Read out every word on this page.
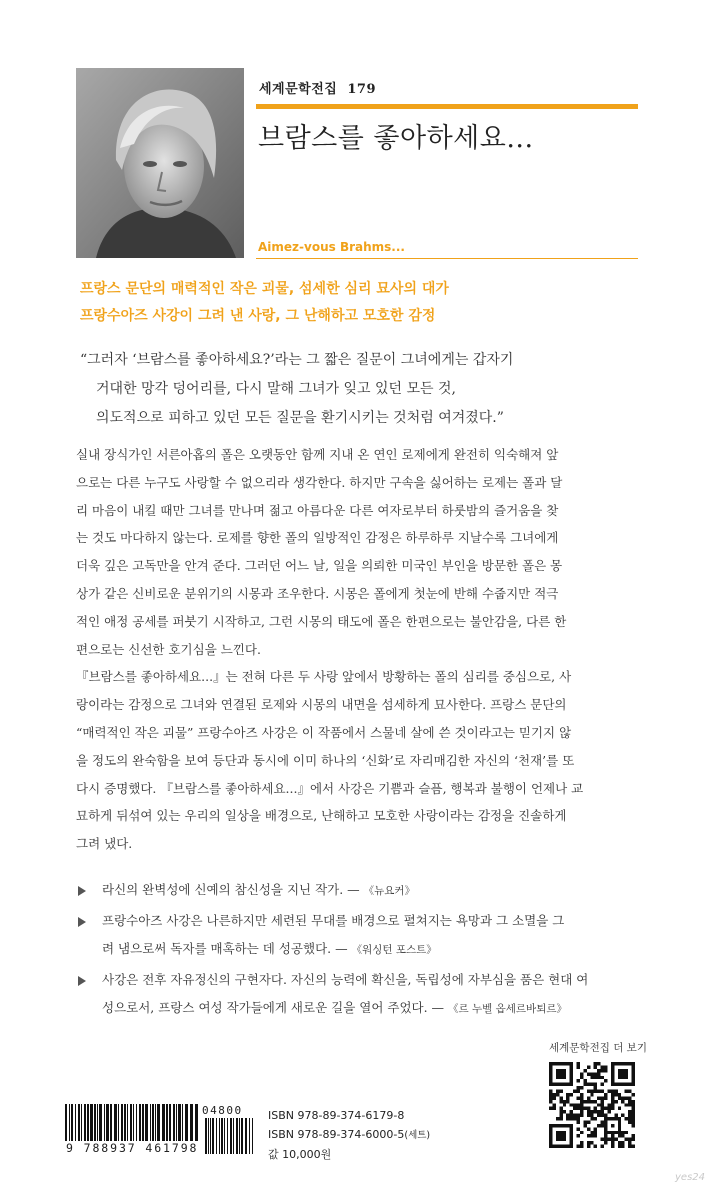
세계문학전집 179
브람스를 좋아하세요...
Aimez-vous Brahms...
프랑스 문단의 매력적인 작은 괴물, 섬세한 심리 묘사의 대가
프랑수아즈 사강이 그려 낸 사랑, 그 난해하고 모호한 감정
“그러자 ‘브람스를 좋아하세요?’라는 그 짧은 질문이 그녀에게는 갑자기
거대한 망각 덩어리를, 다시 말해 그녀가 잊고 있던 모든 것,
의도적으로 피하고 있던 모든 질문을 환기시키는 것처럼 여겨졌다.”
실내 장식가인 서른아홉의 폴은 오랫동안 함께 지내 온 연인 로제에게 완전히 익숙해져 앞
으로는 다른 누구도 사랑할 수 없으리라 생각한다. 하지만 구속을 싫어하는 로제는 폴과 달
리 마음이 내킬 때만 그녀를 만나며 젊고 아름다운 다른 여자로부터 하룻밤의 즐거움을 찾
는 것도 마다하지 않는다. 로제를 향한 폴의 일방적인 감정은 하루하루 지날수록 그녀에게
더욱 깊은 고독만을 안겨 준다. 그러던 어느 날, 일을 의뢰한 미국인 부인을 방문한 폴은 몽
상가 같은 신비로운 분위기의 시몽과 조우한다. 시몽은 폴에게 첫눈에 반해 수줍지만 적극
적인 애정 공세를 퍼붓기 시작하고, 그런 시몽의 태도에 폴은 한편으로는 불안감을, 다른 한
편으로는 신선한 호기심을 느낀다.
『브람스를 좋아하세요...』는 전혀 다른 두 사랑 앞에서 방황하는 폴의 심리를 중심으로, 사
랑이라는 감정으로 그녀와 연결된 로제와 시몽의 내면을 섬세하게 묘사한다. 프랑스 문단의
“매력적인 작은 괴물” 프랑수아즈 사강은 이 작품에서 스물네 살에 쓴 것이라고는 믿기지 않
을 정도의 완숙함을 보여 등단과 동시에 이미 하나의 ‘신화’로 자리매김한 자신의 ‘천재’를 또
다시 증명했다. 『브람스를 좋아하세요...』에서 사강은 기쁨과 슬픔, 행복과 불행이 언제나 교
묘하게 뒤섞여 있는 우리의 일상을 배경으로, 난해하고 모호한 사랑이라는 감정을 진솔하게
그려 냈다.
라신의 완벽성에 신예의 참신성을 지닌 작가. — 《뉴요커》
프랑수아즈 사강은 나른하지만 세련된 무대를 배경으로 펼쳐지는 욕망과 그 소멸을 그
려 냄으로써 독자를 매혹하는 데 성공했다. — 《워싱턴 포스트》
사강은 전후 자유정신의 구현자다. 자신의 능력에 확신을, 독립성에 자부심을 품은 현대 여
성으로서, 프랑스 여성 작가들에게 새로운 길을 열어 주었다. — 《르 누벨 옵세르바퇴르》
세계문학전집 더 보기
9 788937 461798
04800 ISBN 978-89-374-6179-8
ISBN 978-89-374-6000-5(세트)
값 10,000원
yes24
